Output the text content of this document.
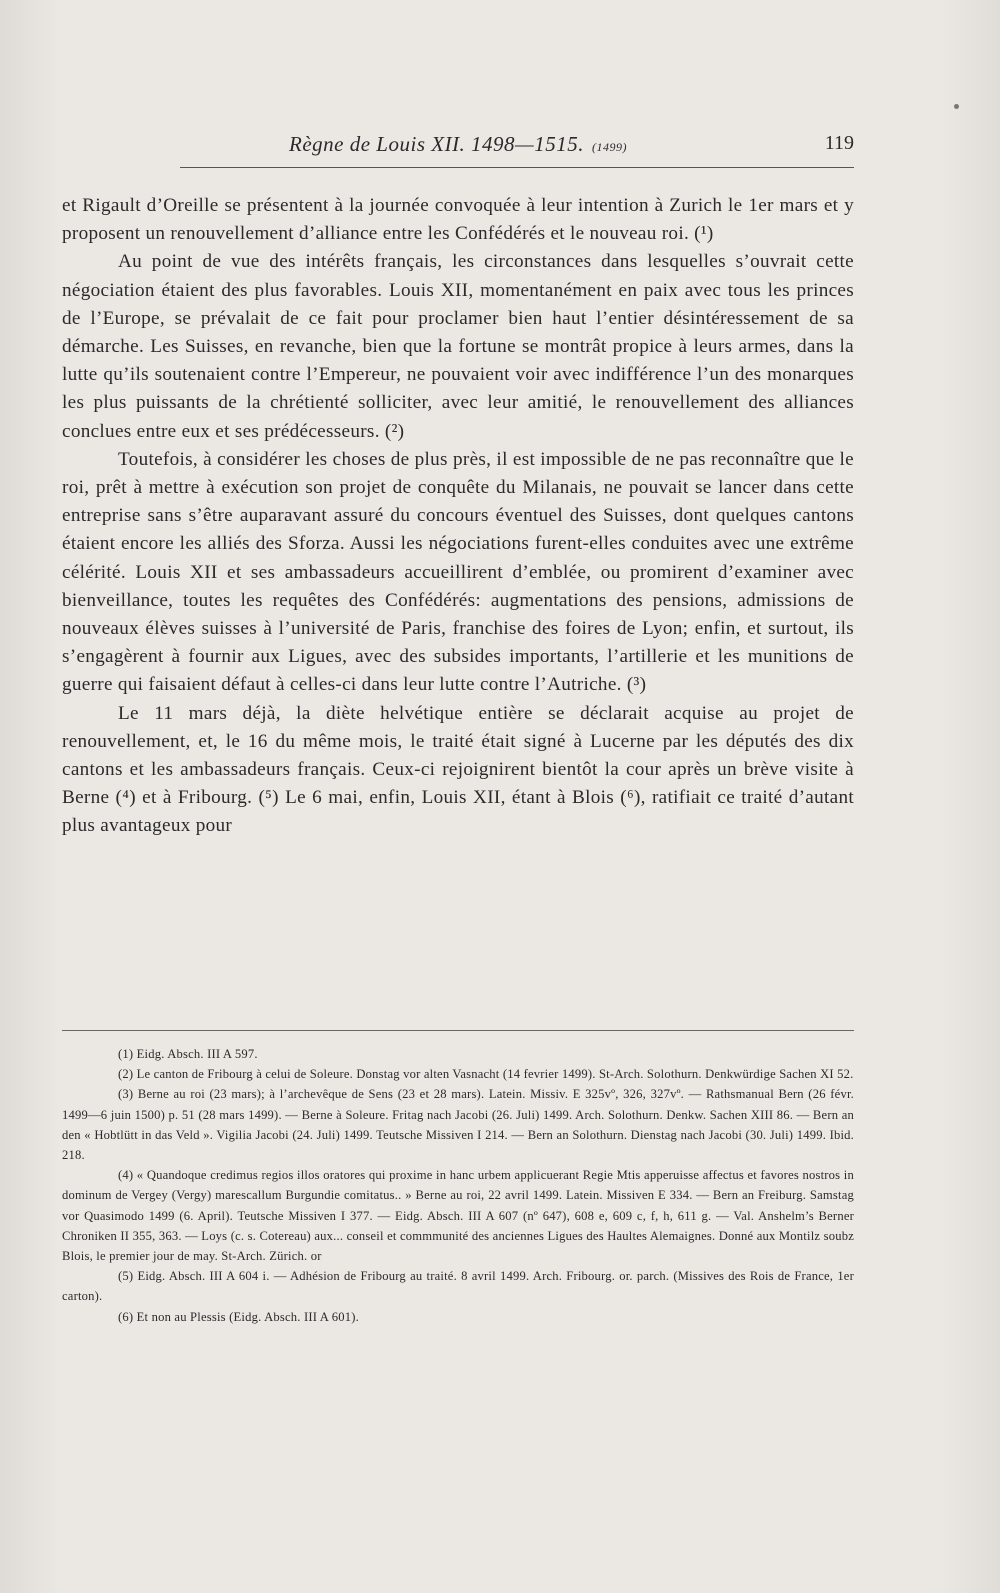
Règne de Louis XII. 1498—1515. (1499)	119

et Rigault d’Oreille se présentent à la journée convoquée à leur intention à Zurich le 1er mars et y proposent un renouvellement d’alliance entre les Confédérés et le nouveau roi. (¹)

Au point de vue des intérêts français, les circonstances dans lesquelles s’ouvrait cette négociation étaient des plus favorables. Louis XII, momentanément en paix avec tous les princes de l’Europe, se prévalait de ce fait pour proclamer bien haut l’entier désintéressement de sa démarche. Les Suisses, en revanche, bien que la fortune se montrât propice à leurs armes, dans la lutte qu’ils soutenaient contre l’Empereur, ne pouvaient voir avec indifférence l’un des monarques les plus puissants de la chrétienté solliciter, avec leur amitié, le renouvellement des alliances conclues entre eux et ses prédécesseurs. (²)

Toutefois, à considérer les choses de plus près, il est impossible de ne pas reconnaître que le roi, prêt à mettre à exécution son projet de conquête du Milanais, ne pouvait se lancer dans cette entreprise sans s’être auparavant assuré du concours éventuel des Suisses, dont quelques cantons étaient encore les alliés des Sforza. Aussi les négociations furent-elles conduites avec une extrême célérité. Louis XII et ses ambassadeurs accueillirent d’emblée, ou promirent d’examiner avec bienveillance, toutes les requêtes des Confédérés: augmentations des pensions, admissions de nouveaux élèves suisses à l’université de Paris, franchise des foires de Lyon; enfin, et surtout, ils s’engagèrent à fournir aux Ligues, avec des subsides importants, l’artillerie et les munitions de guerre qui faisaient défaut à celles-ci dans leur lutte contre l’Autriche. (³)

Le 11 mars déjà, la diète helvétique entière se déclarait acquise au projet de renouvellement, et, le 16 du même mois, le traité était signé à Lucerne par les députés des dix cantons et les ambassadeurs français. Ceux-ci rejoignirent bientôt la cour après un brève visite à Berne (⁴) et à Fribourg. (⁵) Le 6 mai, enfin, Louis XII, étant à Blois (⁶), ratifiait ce traité d’autant plus avantageux pour

(1) Eidg. Absch. III A 597.

(2) Le canton de Fribourg à celui de Soleure. Donstag vor alten Vasnacht (14 fevrier 1499). St-Arch. Solothurn. Denkwürdige Sachen XI 52.

(3) Berne au roi (23 mars); à l’archevêque de Sens (23 et 28 mars). Latein. Missiv. E 325vº, 326, 327vº. — Rathsmanual Bern (26 févr. 1499—6 juin 1500) p. 51 (28 mars 1499). — Berne à Soleure. Fritag nach Jacobi (26. Juli) 1499. Arch. Solothurn. Denkw. Sachen XIII 86. — Bern an den « Hobtlütt in das Veld ». Vigilia Jacobi (24. Juli) 1499. Teutsche Missiven I 214. — Bern an Solothurn. Dienstag nach Jacobi (30. Juli) 1499. Ibid. 218.

(4) « Quandoque credimus regios illos oratores qui proxime in hanc urbem applicuerant Regie Mtis apperuisse affectus et favores nostros in dominum de Vergey (Vergy) marescallum Burgundie comitatus.. » Berne au roi, 22 avril 1499. Latein. Missiven E 334. — Bern an Freiburg. Samstag vor Quasimodo 1499 (6. April). Teutsche Missiven I 377. — Eidg. Absch. III A 607 (nº 647), 608 e, 609 c, f, h, 611 g. — Val. Anshelm’s Berner Chroniken II 355, 363. — Loys (c. s. Cotereau) aux... conseil et commmunité des anciennes Ligues des Haultes Alemaignes. Donné aux Montilz soubz Blois, le premier jour de may. St-Arch. Zürich. or

(5) Eidg. Absch. III A 604 i. — Adhésion de Fribourg au traité. 8 avril 1499. Arch. Fribourg. or. parch. (Missives des Rois de France, 1er carton).

(6) Et non au Plessis (Eidg. Absch. III A 601).
